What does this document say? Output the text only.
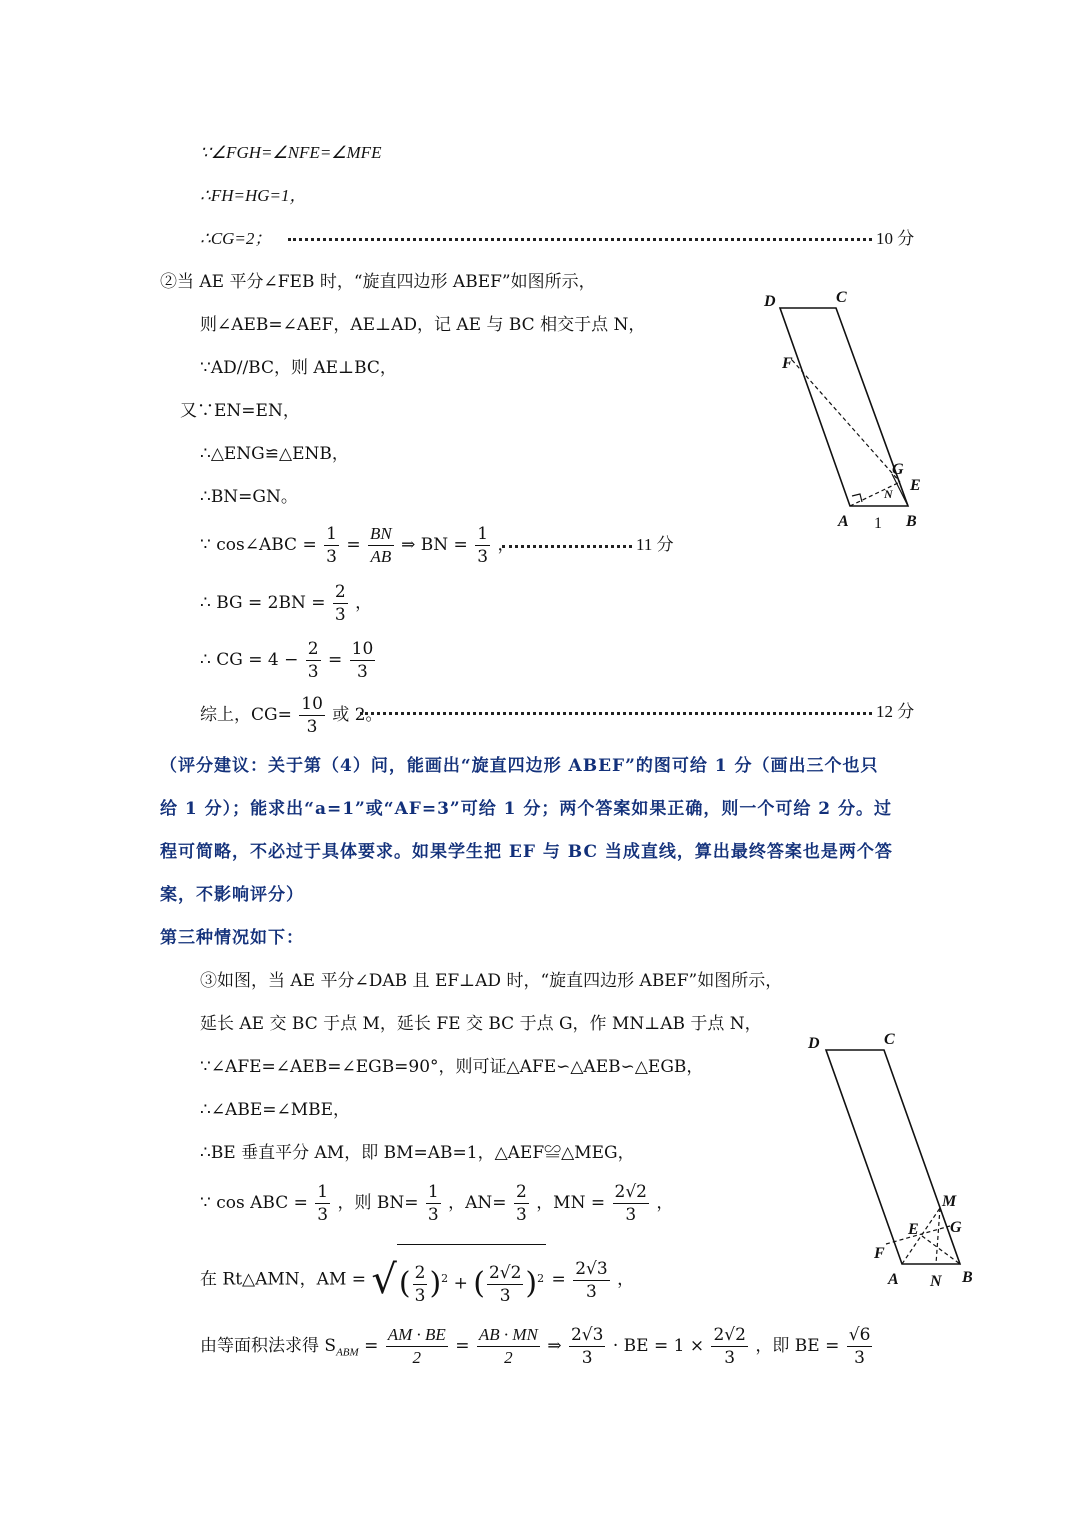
∵∠FGH=∠NFE=∠MFE
∴FH=HG=1，
∴CG=2；	10 分
②当 AE 平分∠FEB 时，“旋直四边形 ABEF”如图所示，
则∠AEB=∠AEF，AE⊥AD，记 AE 与 BC 相交于点 N，
∵AD//BC，则 AE⊥BC，
又∵EN=EN，
∴△ENG≌△ENB，
∴BN=GN。
∵ cos∠ABC = $\frac{1}{3} = \frac{BN}{AB}$ ⇒ BN = $\frac{1}{3}$ ，	11 分
∴ BG = $2BN = \frac{2}{3}$ ，
∴ CG = $4 - \frac{2}{3} = \frac{10}{3}$
综上，$CG= \frac{10}{3}$ 或 2。	12 分
（评分建议：关于第（4）问，能画出“旋直四边形 ABEF”的图可给 1 分（画出三个也只
给 1 分）；能求出“a=1”或“AF=3”可给 1 分；两个答案如果正确，则一个可给 2 分。过
程可简略，不必过于具体要求。如果学生把 EF 与 BC 当成直线，算出最终答案也是两个答
案，不影响评分）
第三种情况如下：
③如图，当 AE 平分∠DAB 且 EF⊥AD 时，“旋直四边形 ABEF”如图所示，
延长 AE 交 BC 于点 M，延长 FE 交 BC 于点 G，作 MN⊥AB 于点 N，
∵∠AFE=∠AEB=∠EGB=90°，则可证△AFE∽△AEB∽△EGB，
∴∠ABE=∠MBE，
∴BE 垂直平分 AM，即 BM=AB=1，△AEF≌△MEG，
∵ cos ABC = $\frac{1}{3}$ ，则 $BN= \frac{1}{3}$ ，$AN= \frac{2}{3}$ ，MN = $\frac{2√2}{3}$ ，
在 Rt△AMN，AM = √( $\frac{2}{3} )^2$ + ( $\frac{2√2}{3} )^2 = \frac{2√3}{3}$ ，
由等面积法求得 $S_{ABM} = \frac{AM \cdot BE}{2} = \frac{AB \cdot MN}{2}$ ⇒ $\frac{2√3}{3}$ · BE = $1 \times \frac{2√2}{3}$ ，即 BE = $\frac{√6}{3}$
D	C
F
G
E
N
A 1 B
D	C
M
E G
F
A N B
